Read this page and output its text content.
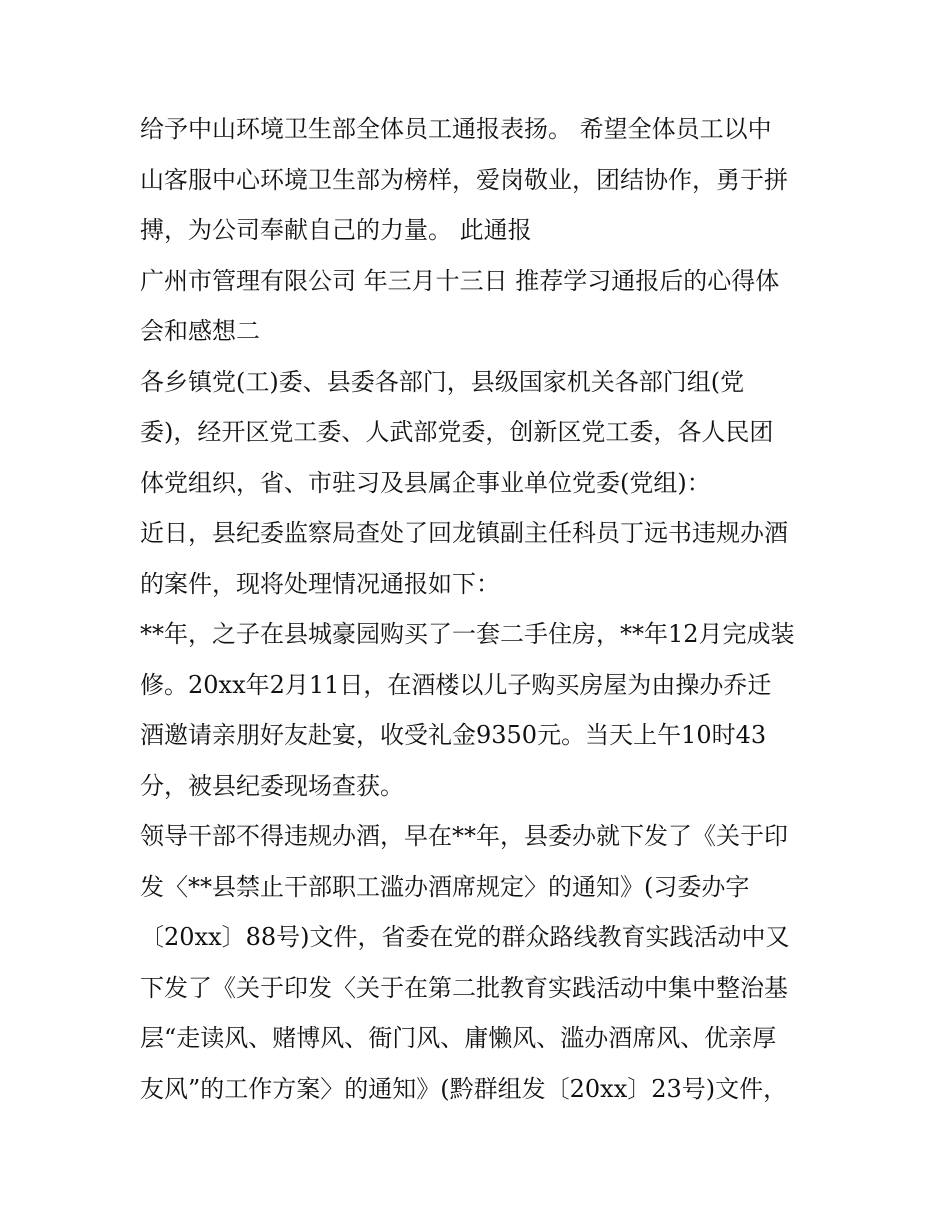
给予中山环境卫生部全体员工通报表扬。 希望全体员工以中
山客服中心环境卫生部为榜样，爱岗敬业，团结协作，勇于拼
搏，为公司奉献自己的力量。 此通报

广州市管理有限公司 年三月十三日 推荐学习通报后的心得体
会和感想二

各乡镇党(工)委、县委各部门，县级国家机关各部门组(党
委)，经开区党工委、人武部党委，创新区党工委，各人民团
体党组织，省、市驻习及县属企事业单位党委(党组)：

近日，县纪委监察局查处了回龙镇副主任科员丁远书违规办酒
的案件，现将处理情况通报如下：

**年，之子在县城豪园购买了一套二手住房，**年12月完成装
修。20xx年2月11日，在酒楼以儿子购买房屋为由操办乔迁
酒邀请亲朋好友赴宴，收受礼金9350元。当天上午10时43
分，被县纪委现场查获。

领导干部不得违规办酒，早在**年，县委办就下发了《关于印
发〈**县禁止干部职工滥办酒席规定〉的通知》(习委办字
〔20xx〕88号)文件，省委在党的群众路线教育实践活动中又
下发了《关于印发〈关于在第二批教育实践活动中集中整治基
层“走读风、赌博风、衙门风、庸懒风、滥办酒席风、优亲厚
友风”的工作方案〉的通知》(黔群组发〔20xx〕23号)文件，
